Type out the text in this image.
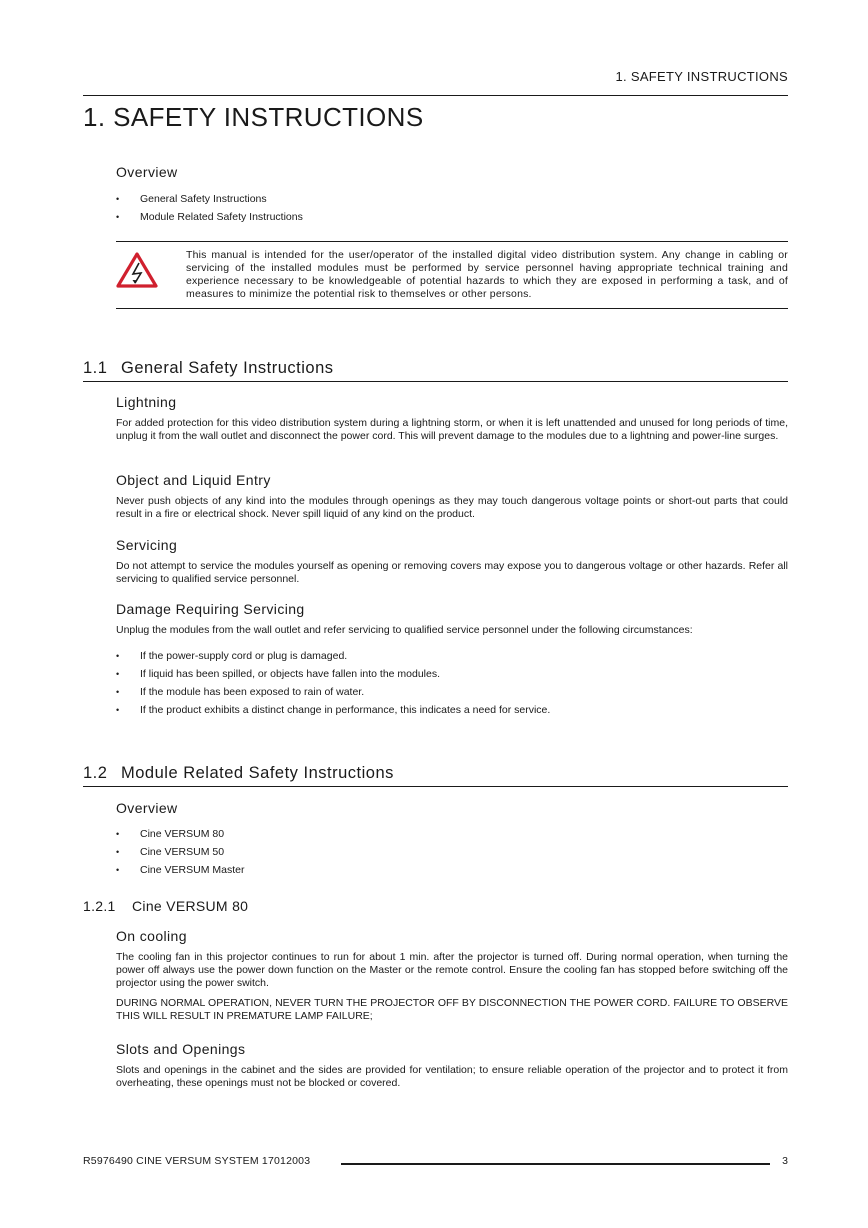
1. SAFETY INSTRUCTIONS
1. SAFETY INSTRUCTIONS

Overview

• General Safety Instructions
• Module Related Safety Instructions
This manual is intended for the user/operator of the installed digital video distribution system. Any change in cabling or servicing of the installed modules must be performed by service personnel having appropriate technical training and experience necessary to be knowledgeable of potential hazards to which they are exposed in performing a task, and of measures to minimize the potential risk to themselves or other persons.
1.1 General Safety Instructions

Lightning

For added protection for this video distribution system during a lightning storm, or when it is left unattended and unused for long periods of time, unplug it from the wall outlet and disconnect the power cord. This will prevent damage to the modules due to a lightning and power-line surges.

Object and Liquid Entry

Never push objects of any kind into the modules through openings as they may touch dangerous voltage points or short-out parts that could result in a fire or electrical shock. Never spill liquid of any kind on the product.

Servicing

Do not attempt to service the modules yourself as opening or removing covers may expose you to dangerous voltage or other hazards. Refer all servicing to qualified service personnel.

Damage Requiring Servicing

Unplug the modules from the wall outlet and refer servicing to qualified service personnel under the following circumstances:

• If the power-supply cord or plug is damaged.
• If liquid has been spilled, or objects have fallen into the modules.
• If the module has been exposed to rain of water.
• If the product exhibits a distinct change in performance, this indicates a need for service.
1.2 Module Related Safety Instructions

Overview

• Cine VERSUM 80
• Cine VERSUM 50
• Cine VERSUM Master
1.2.1 Cine VERSUM 80

On cooling

The cooling fan in this projector continues to run for about 1 min. after the projector is turned off. During normal operation, when turning the power off always use the power down function on the Master or the remote control. Ensure the cooling fan has stopped before switching off the projector using the power switch.

DURING NORMAL OPERATION, NEVER TURN THE PROJECTOR OFF BY DISCONNECTION THE POWER CORD. FAILURE TO OBSERVE THIS WILL RESULT IN PREMATURE LAMP FAILURE;

Slots and Openings

Slots and openings in the cabinet and the sides are provided for ventilation; to ensure reliable operation of the projector and to protect it from overheating, these openings must not be blocked or covered.

R5976490 CINE VERSUM SYSTEM 17012003	3
